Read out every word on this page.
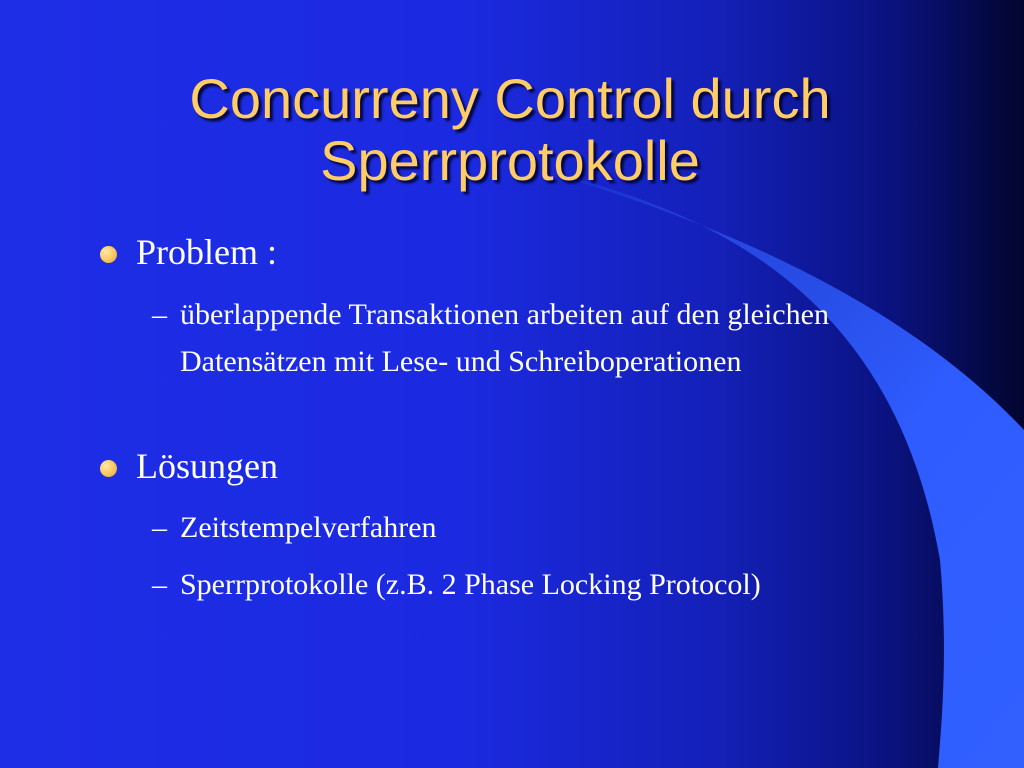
Concurreny Control durch Sperrprotokolle
Problem :
– überlappende Transaktionen arbeiten auf den gleichen Datensätzen mit Lese- und Schreiboperationen
Lösungen
– Zeitstempelverfahren
– Sperrprotokolle (z.B. 2 Phase Locking Protocol)
